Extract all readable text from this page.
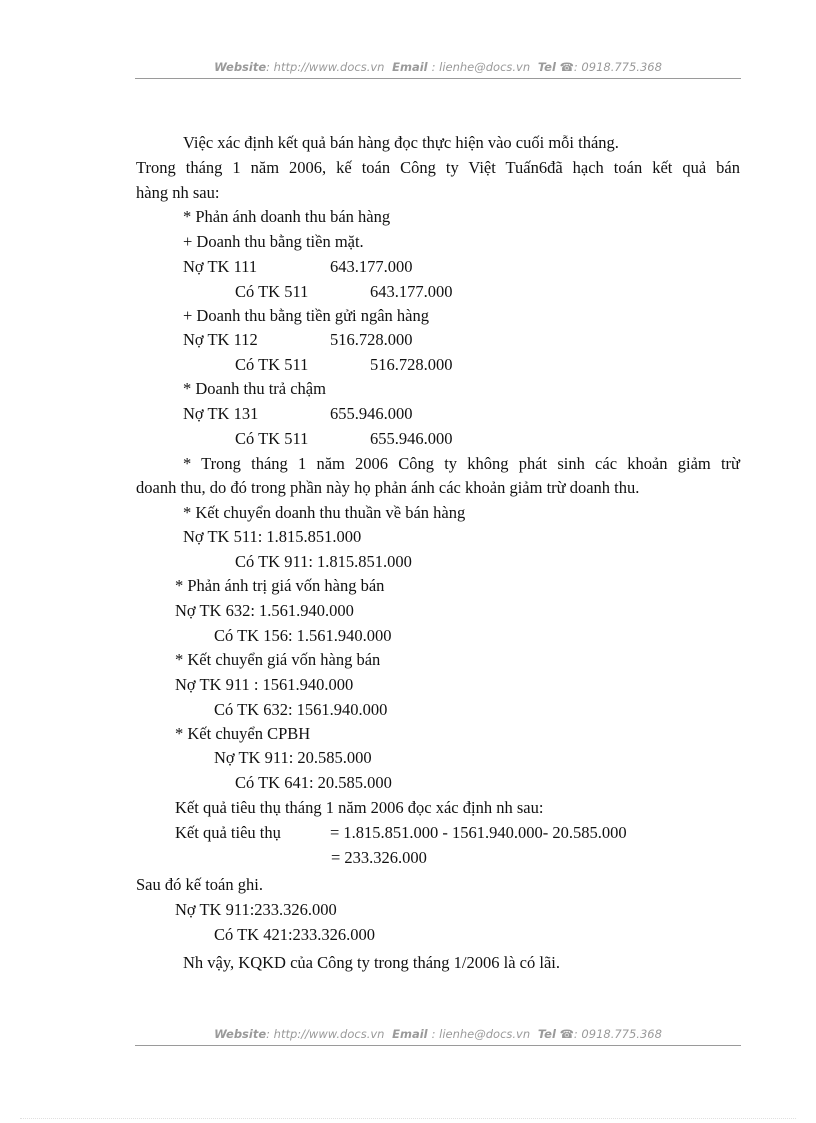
Website: http://www.docs.vn Email : lienhe@docs.vn Tel ☎: 0918.775.368
Việc xác định kết quả bán hàng đọc thực hiện vào cuối mỗi tháng.
Trong tháng 1 năm 2006, kế toán Công ty Việt Tuấn6đã hạch toán kết quả bán
hàng nh sau:
* Phản ánh doanh thu bán hàng
+ Doanh thu bằng tiền mặt.
Nợ TK 111	643.177.000
Có TK 511	643.177.000
+ Doanh thu bằng tiền gửi ngân hàng
Nợ TK 112	516.728.000
Có TK 511	516.728.000
* Doanh thu trả chậm
Nợ TK 131	655.946.000
Có TK 511	655.946.000
* Trong tháng 1 năm 2006 Công ty không phát sinh các khoản giảm trừ
doanh thu, do đó trong phần này họ phản ánh các khoản giảm trừ doanh thu.
* Kết chuyển doanh thu thuần về bán hàng
Nợ TK 511: 1.815.851.000
Có TK 911: 1.815.851.000
* Phản ánh trị giá vốn hàng bán
Nợ TK 632: 1.561.940.000
Có TK 156: 1.561.940.000
* Kết chuyển giá vốn hàng bán
Nợ TK 911 : 1561.940.000
Có TK 632: 1561.940.000
* Kết chuyển CPBH
Nợ TK 911: 20.585.000
Có TK 641: 20.585.000
Kết quả tiêu thụ tháng 1 năm 2006 đọc xác định nh sau:
Kết quả tiêu thụ	= 1.815.851.000 - 1561.940.000- 20.585.000
= 233.326.000
Sau đó kế toán ghi.
Nợ TK 911:233.326.000
Có TK 421:233.326.000
Nh vậy, KQKD của Công ty trong tháng 1/2006 là có lãi.
Website: http://www.docs.vn Email : lienhe@docs.vn Tel ☎: 0918.775.368
